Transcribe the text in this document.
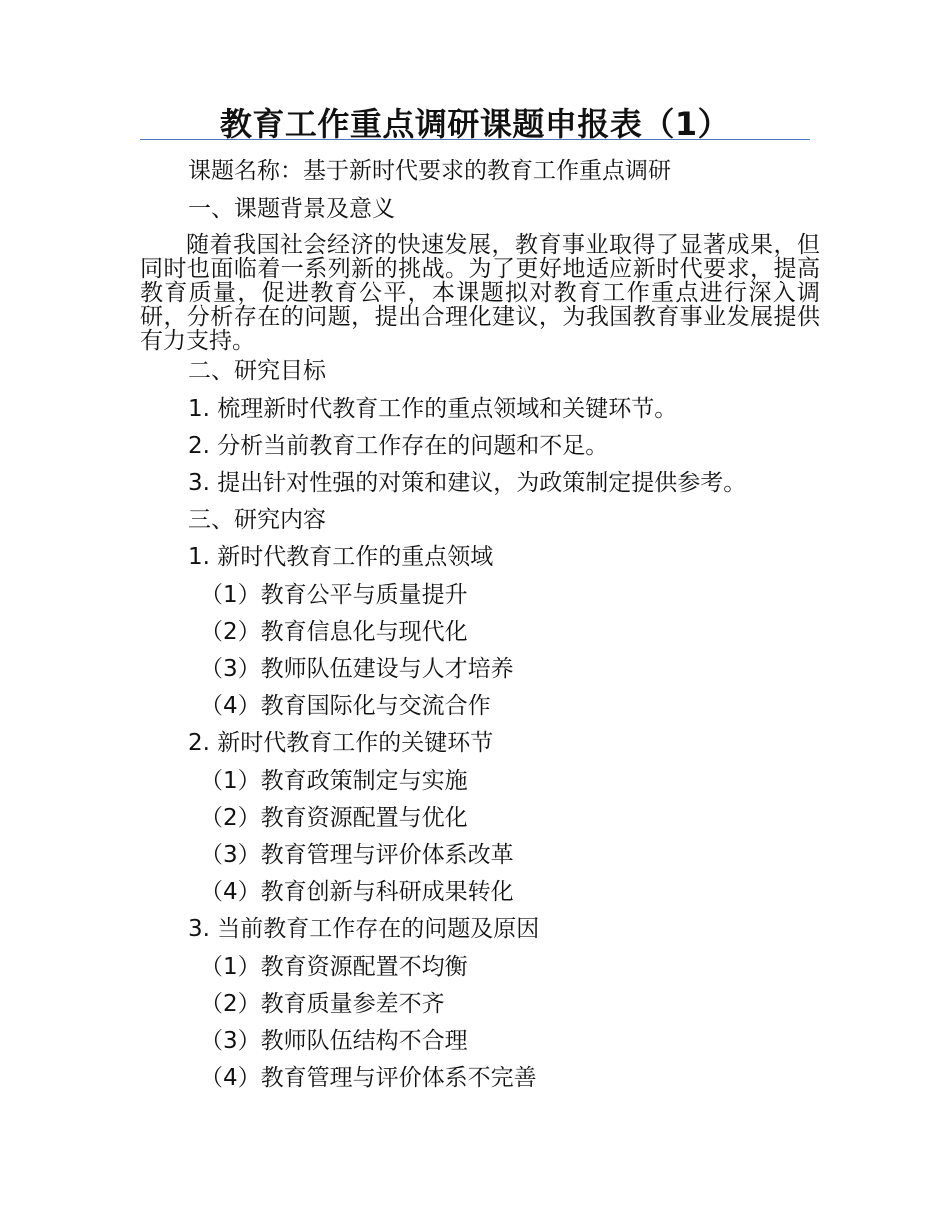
教育工作重点调研课题申报表（1）
课题名称：基于新时代要求的教育工作重点调研
一、课题背景及意义
随着我国社会经济的快速发展，教育事业取得了显著成果，但同时也面临着一系列新的挑战。为了更好地适应新时代要求，提高教育质量，促进教育公平，本课题拟对教育工作重点进行深入调研，分析存在的问题，提出合理化建议，为我国教育事业发展提供有力支持。
二、研究目标
1. 梳理新时代教育工作的重点领域和关键环节。
2. 分析当前教育工作存在的问题和不足。
3. 提出针对性强的对策和建议，为政策制定提供参考。
三、研究内容
1. 新时代教育工作的重点领域
（1）教育公平与质量提升
（2）教育信息化与现代化
（3）教师队伍建设与人才培养
（4）教育国际化与交流合作
2. 新时代教育工作的关键环节
（1）教育政策制定与实施
（2）教育资源配置与优化
（3）教育管理与评价体系改革
（4）教育创新与科研成果转化
3. 当前教育工作存在的问题及原因
（1）教育资源配置不均衡
（2）教育质量参差不齐
（3）教师队伍结构不合理
（4）教育管理与评价体系不完善
